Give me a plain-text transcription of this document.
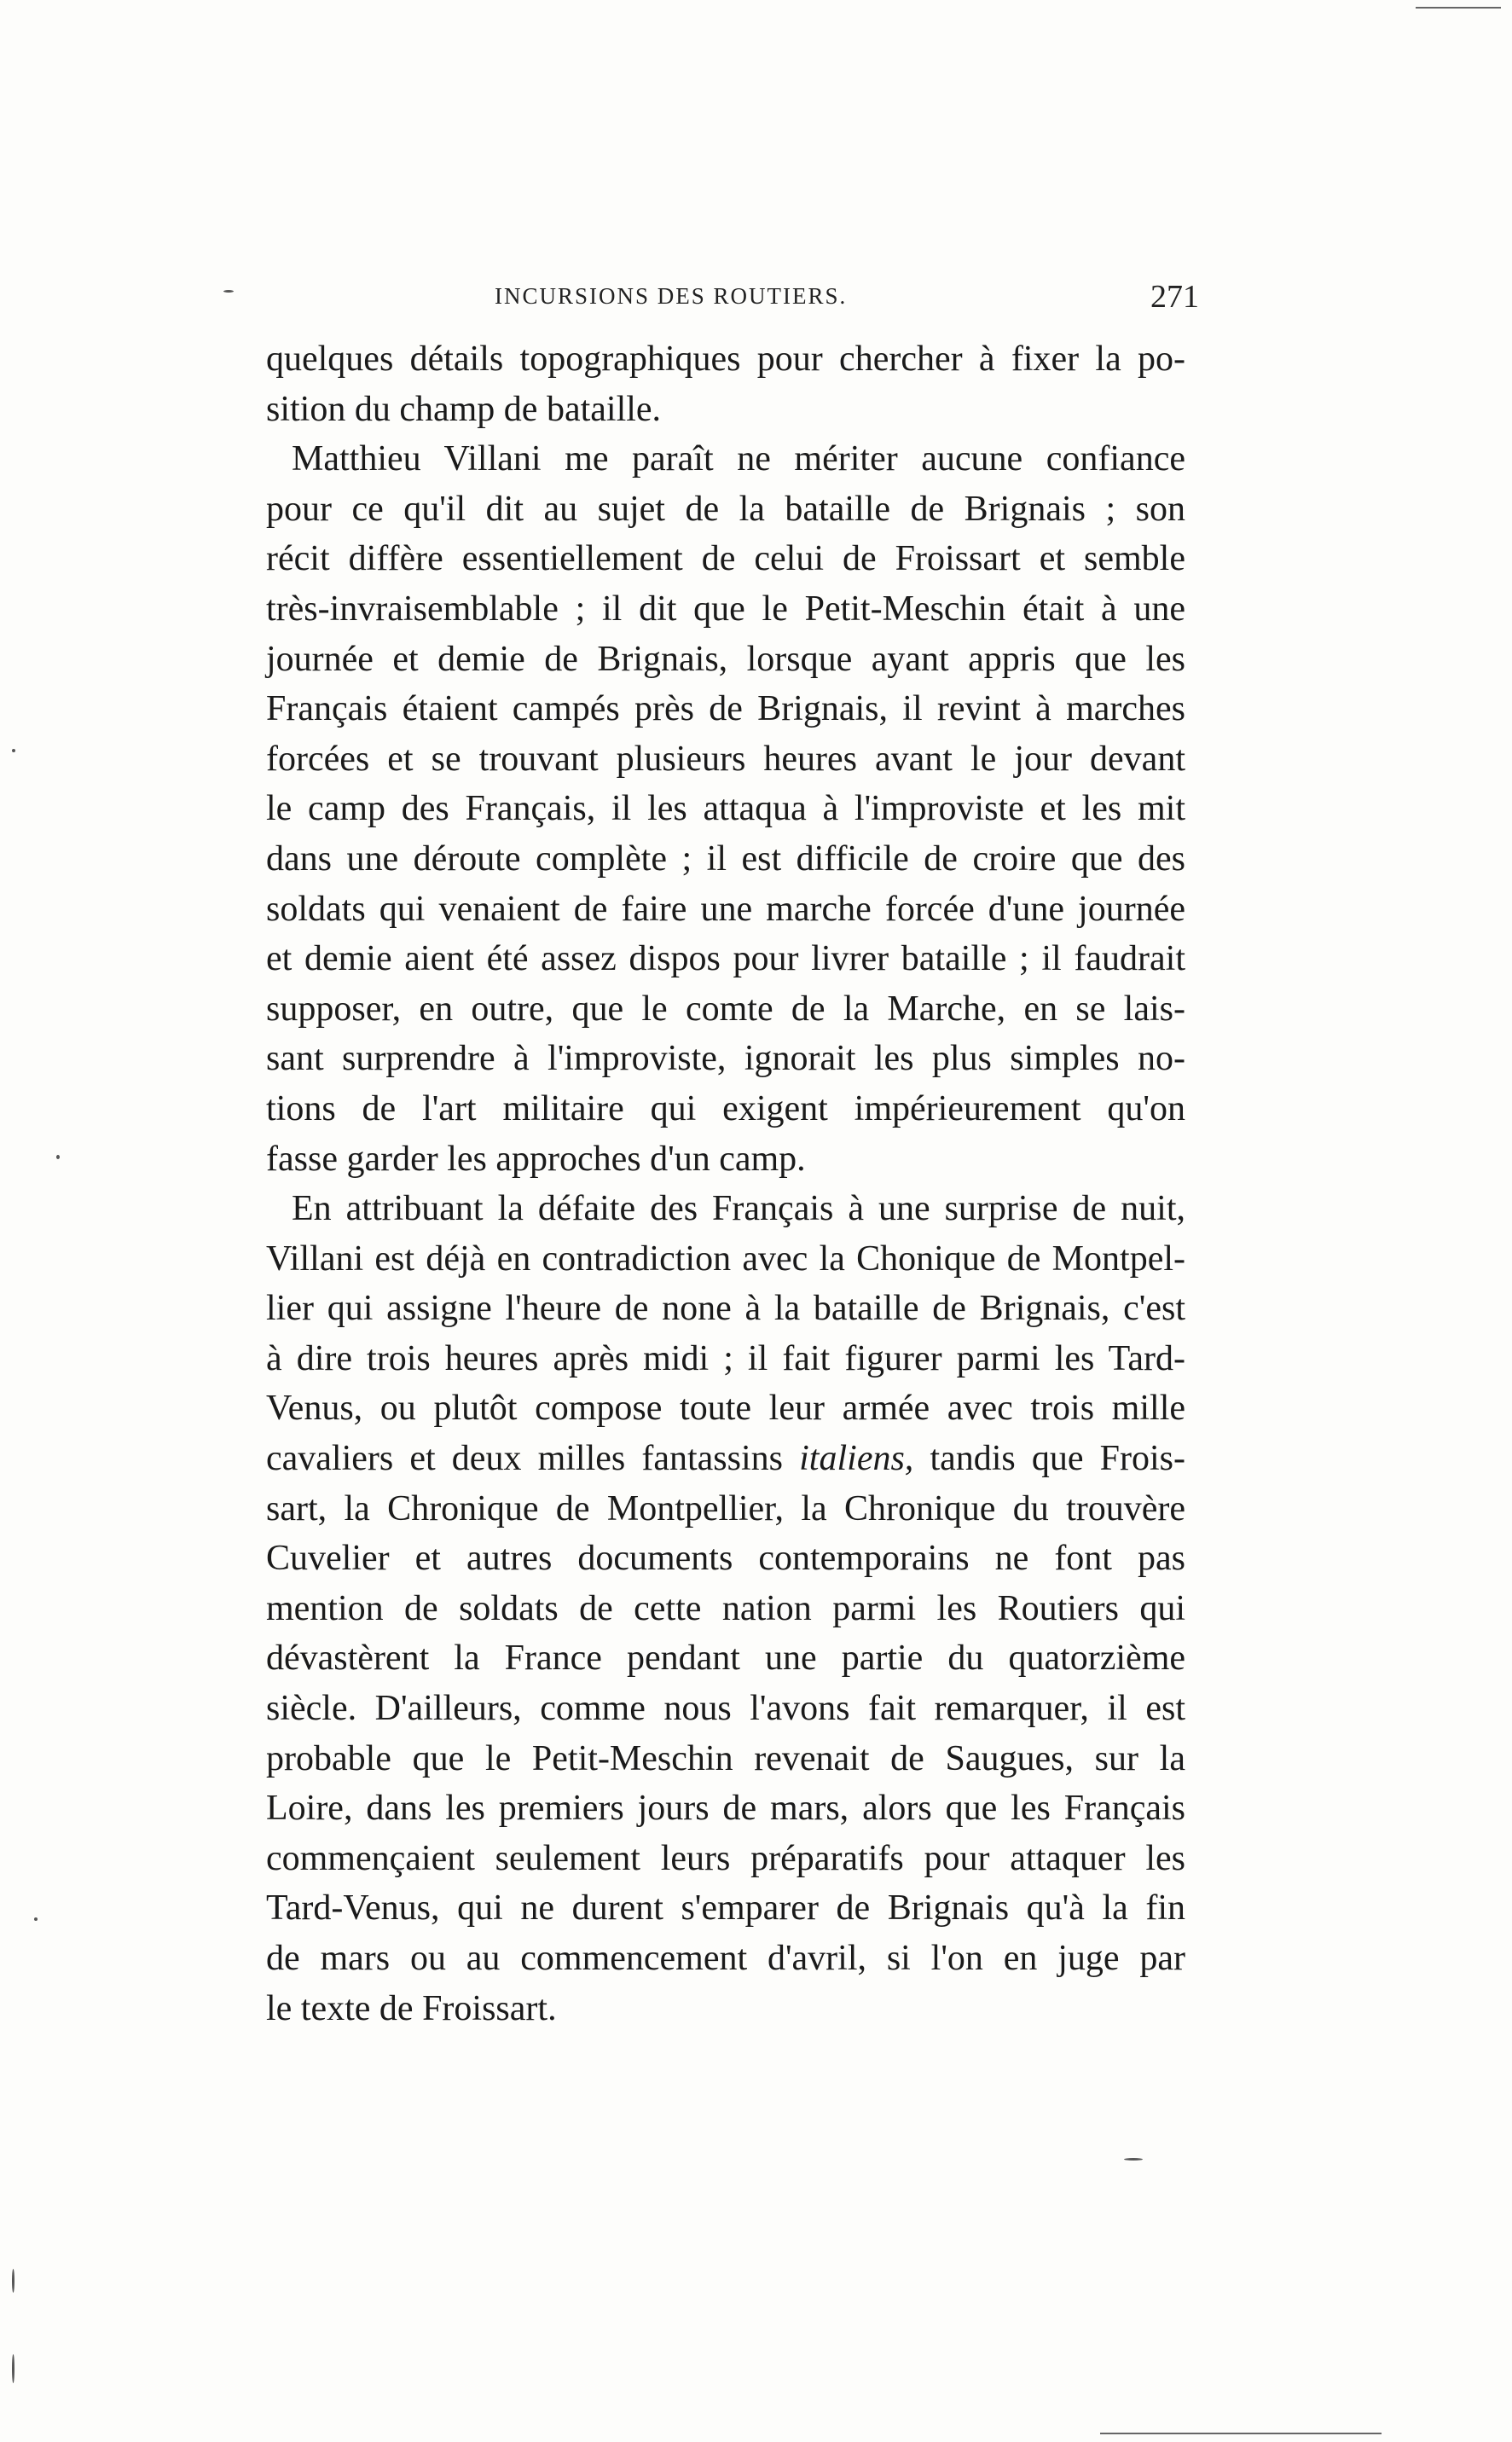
INCURSIONS DES ROUTIERS.	271
quelques détails topographiques pour chercher à fixer la po-
sition du champ de bataille.
Matthieu Villani me paraît ne mériter aucune confiance
pour ce qu'il dit au sujet de la bataille de Brignais ; son
récit diffère essentiellement de celui de Froissart et semble
très-invraisemblable ; il dit que le Petit-Meschin était à une
journée et demie de Brignais, lorsque ayant appris que les
Français étaient campés près de Brignais, il revint à marches
forcées et se trouvant plusieurs heures avant le jour devant
le camp des Français, il les attaqua à l'improviste et les mit
dans une déroute complète ; il est difficile de croire que des
soldats qui venaient de faire une marche forcée d'une journée
et demie aient été assez dispos pour livrer bataille ; il faudrait
supposer, en outre, que le comte de la Marche, en se lais-
sant surprendre à l'improviste, ignorait les plus simples no-
tions de l'art militaire qui exigent impérieurement qu'on
fasse garder les approches d'un camp.
En attribuant la défaite des Français à une surprise de nuit,
Villani est déjà en contradiction avec la Chonique de Montpel-
lier qui assigne l'heure de none à la bataille de Brignais, c'est
à dire trois heures après midi ; il fait figurer parmi les Tard-
Venus, ou plutôt compose toute leur armée avec trois mille
cavaliers et deux milles fantassins italiens, tandis que Frois-
sart, la Chronique de Montpellier, la Chronique du trouvère
Cuvelier et autres documents contemporains ne font pas
mention de soldats de cette nation parmi les Routiers qui
dévastèrent la France pendant une partie du quatorzième
siècle. D'ailleurs, comme nous l'avons fait remarquer, il est
probable que le Petit-Meschin revenait de Saugues, sur la
Loire, dans les premiers jours de mars, alors que les Français
commençaient seulement leurs préparatifs pour attaquer les
Tard-Venus, qui ne durent s'emparer de Brignais qu'à la fin
de mars ou au commencement d'avril, si l'on en juge par
le texte de Froissart.
